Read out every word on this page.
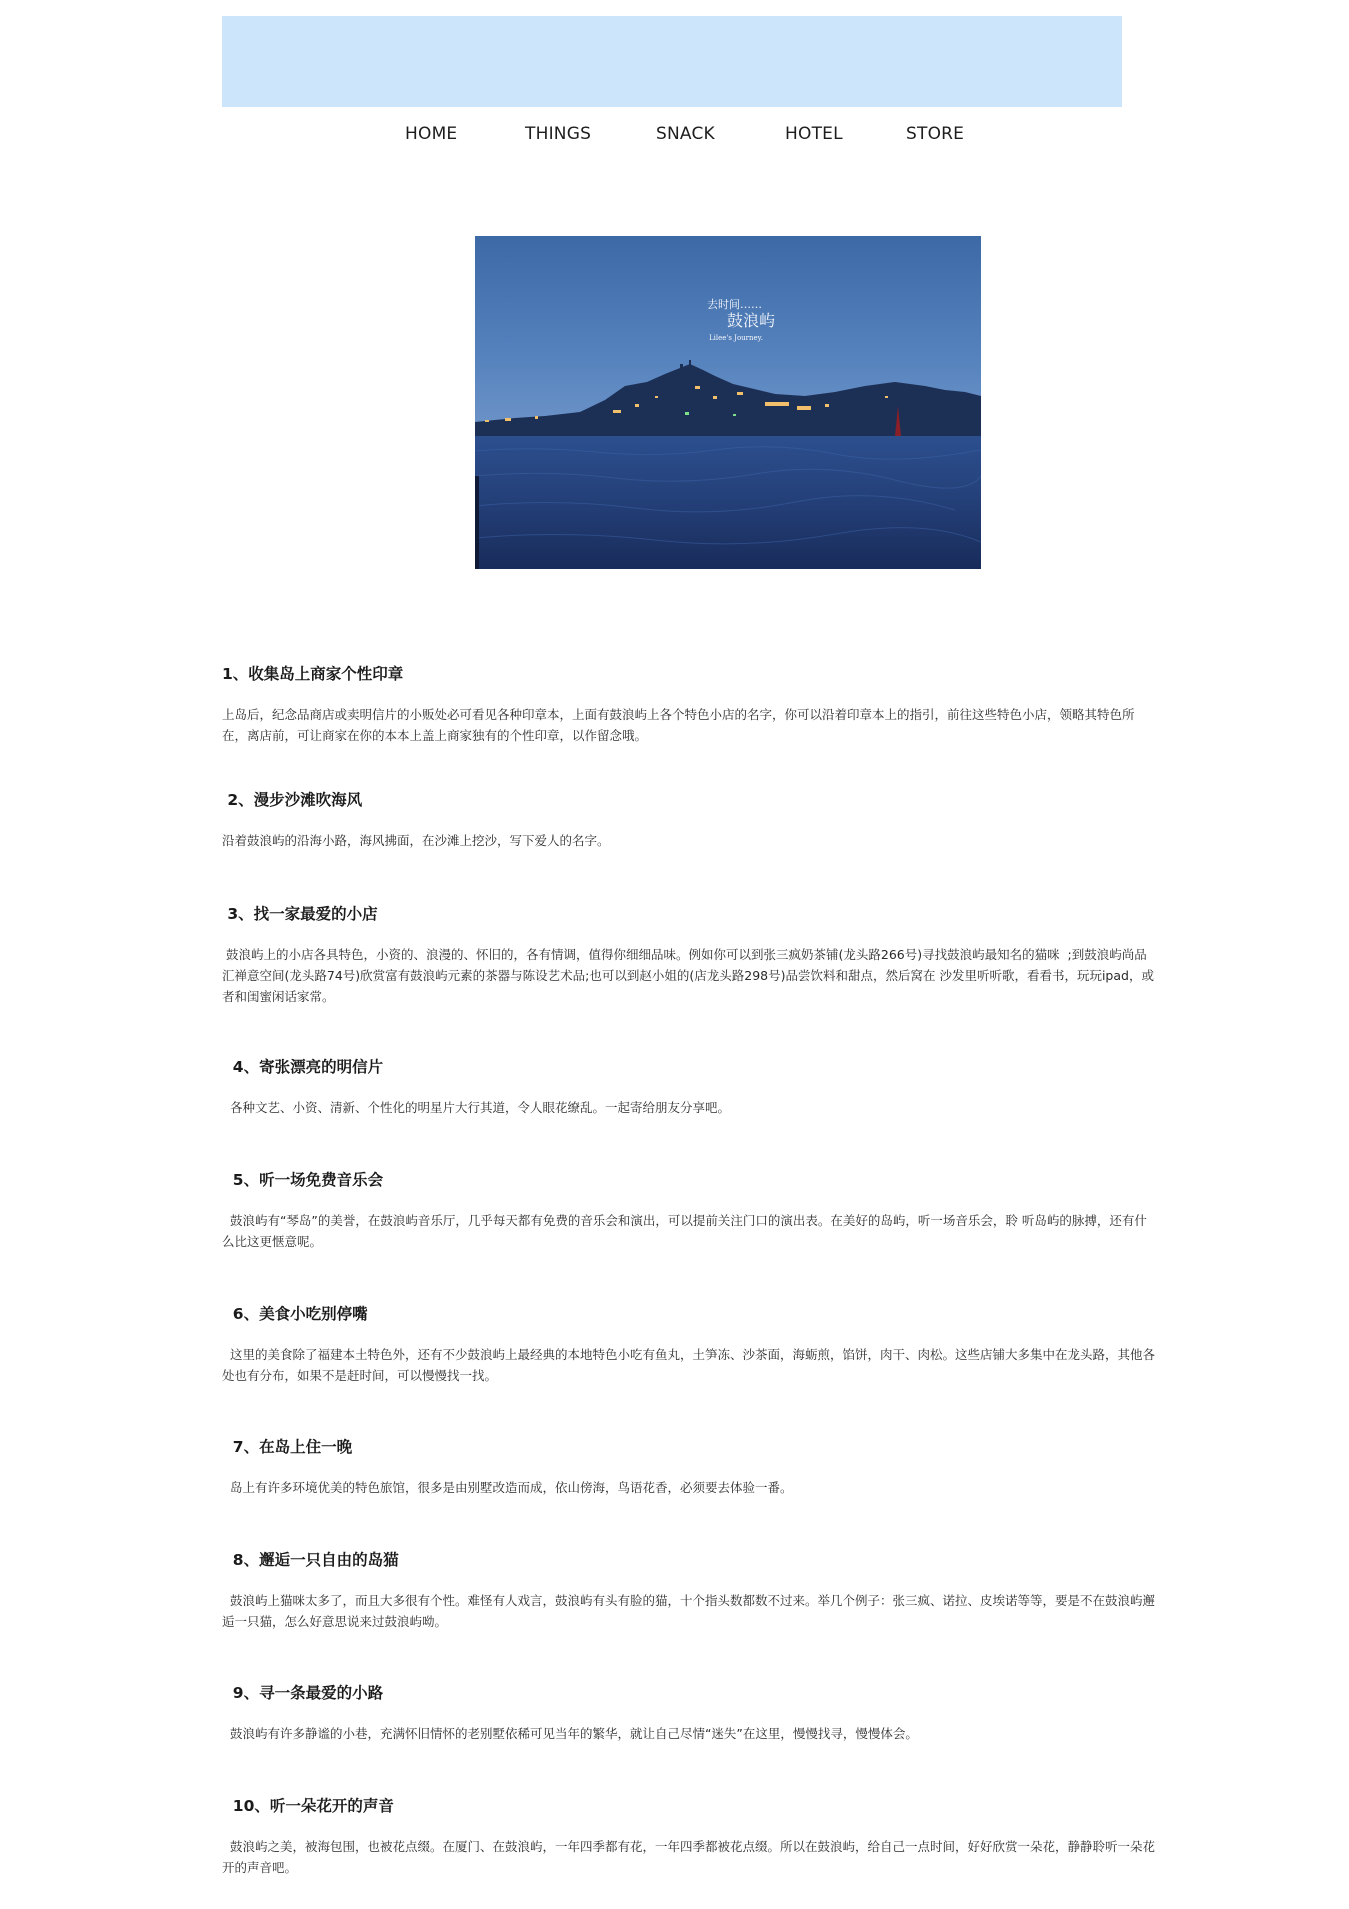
HOME	THINGS	SNACK	HOTEL	STORE
去时间……
鼓浪屿
Lilee's Journey.
1、收集岛上商家个性印章

上岛后，纪念品商店或卖明信片的小贩处必可看见各种印章本，上面有鼓浪屿上各个特色小店的名字，你可以沿着印章本上的指引，前往这些特色小店，领略其特色所在，离店前，可让商家在你的本本上盖上商家独有的个性印章，以作留念哦。

2、漫步沙滩吹海风

沿着鼓浪屿的沿海小路，海风拂面，在沙滩上挖沙，写下爱人的名字。

3、找一家最爱的小店

鼓浪屿上的小店各具特色，小资的、浪漫的、怀旧的，各有情调，值得你细细品味。例如你可以到张三疯奶茶铺(龙头路266号)寻找鼓浪屿最知名的猫咪  ;到鼓浪屿尚品汇禅意空间(龙头路74号)欣赏富有鼓浪屿元素的茶器与陈设艺术品;也可以到赵小姐的(店龙头路298号)品尝饮料和甜点，然后窝在 沙发里听听歌，看看书，玩玩ipad，或者和闺蜜闲话家常。

4、寄张漂亮的明信片

各种文艺、小资、清新、个性化的明星片大行其道，令人眼花缭乱。一起寄给朋友分享吧。

5、听一场免费音乐会

鼓浪屿有“琴岛”的美誉，在鼓浪屿音乐厅，几乎每天都有免费的音乐会和演出，可以提前关注门口的演出表。在美好的岛屿，听一场音乐会，聆 听岛屿的脉搏，还有什么比这更惬意呢。

6、美食小吃别停嘴

这里的美食除了福建本土特色外，还有不少鼓浪屿上最经典的本地特色小吃有鱼丸，土笋冻、沙茶面，海蛎煎，馅饼，肉干、肉松。这些店铺大多集中在龙头路，其他各处也有分布，如果不是赶时间，可以慢慢找一找。

7、在岛上住一晚

岛上有许多环境优美的特色旅馆，很多是由别墅改造而成，依山傍海，鸟语花香，必须要去体验一番。

8、邂逅一只自由的岛猫

鼓浪屿上猫咪太多了，而且大多很有个性。难怪有人戏言，鼓浪屿有头有脸的猫，十个指头数都数不过来。举几个例子：张三疯、诺拉、皮埃诺等等，要是不在鼓浪屿邂逅一只猫，怎么好意思说来过鼓浪屿呦。

9、寻一条最爱的小路

鼓浪屿有许多静谧的小巷，充满怀旧情怀的老别墅依稀可见当年的繁华，就让自己尽情“迷失”在这里，慢慢找寻，慢慢体会。

10、听一朵花开的声音

鼓浪屿之美，被海包围，也被花点缀。在厦门、在鼓浪屿，一年四季都有花，一年四季都被花点缀。所以在鼓浪屿，给自己一点时间，好好欣赏一朵花，静静聆听一朵花开的声音吧。
